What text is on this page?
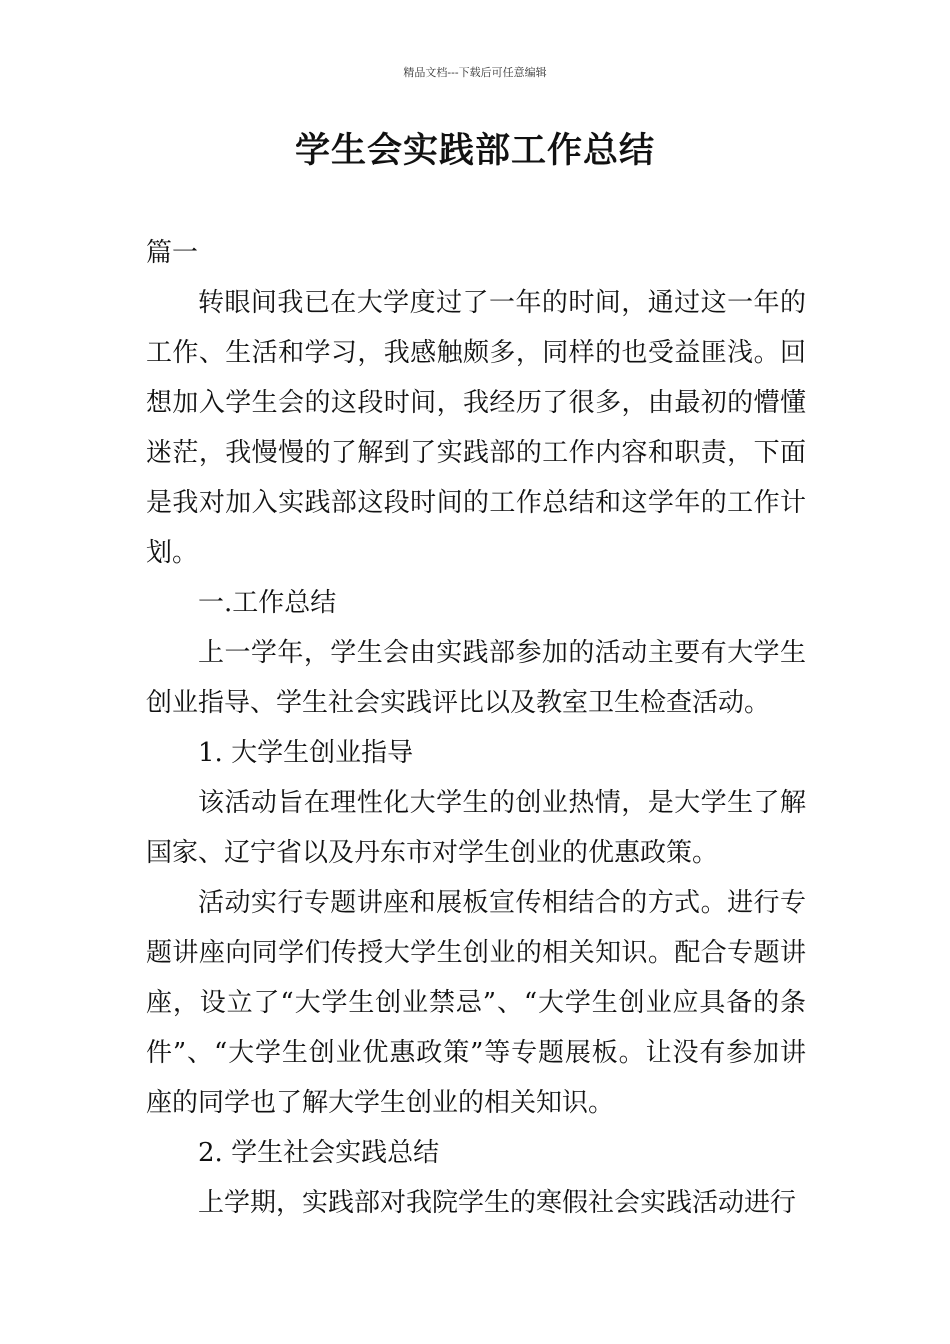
精品文档---下载后可任意编辑
学生会实践部工作总结

篇一

转眼间我已在大学度过了一年的时间，通过这一年的工作、生活和学习，我感触颇多，同样的也受益匪浅。回想加入学生会的这段时间，我经历了很多，由最初的懵懂迷茫，我慢慢的了解到了实践部的工作内容和职责，下面是我对加入实践部这段时间的工作总结和这学年的工作计划。

一.工作总结

上一学年，学生会由实践部参加的活动主要有大学生创业指导、学生社会实践评比以及教室卫生检查活动。

1. 大学生创业指导

该活动旨在理性化大学生的创业热情，是大学生了解国家、辽宁省以及丹东市对学生创业的优惠政策。

活动实行专题讲座和展板宣传相结合的方式。进行专题讲座向同学们传授大学生创业的相关知识。配合专题讲座，设立了“大学生创业禁忌”、“大学生创业应具备的条件”、“大学生创业优惠政策”等专题展板。让没有参加讲座的同学也了解大学生创业的相关知识。

2. 学生社会实践总结

上学期，实践部对我院学生的寒假社会实践活动进行
